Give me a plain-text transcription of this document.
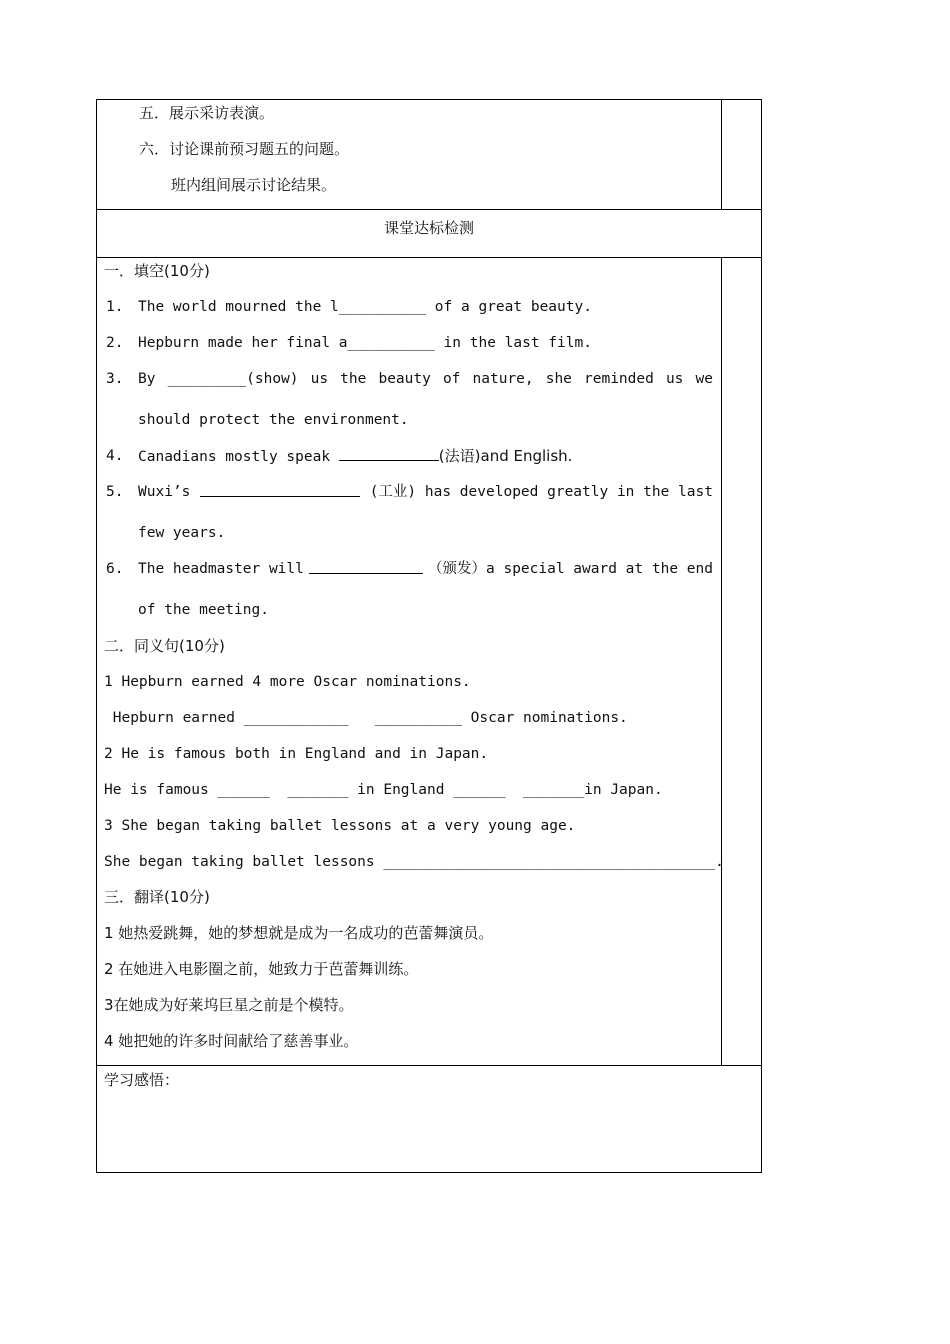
五．展示采访表演。
六．讨论课前预习题五的问题。
班内组间展示讨论结果。
课堂达标检测
一．填空(10分)
1. The world mourned the l__________ of a great beauty.
2. Hepburn made her final a__________ in the last film.
3. By _________(show) us the beauty of nature, she reminded us we
should protect the environment.
4. Canadians mostly speak	(法语)and English.
5. Wuxi’s	(工业) has developed greatly in the last
few years.
6. The headmaster will	（颁发）a special award at the end
of the meeting.
二．同义句(10分)
1 Hepburn earned 4 more Oscar nominations.
Hepburn earned ____________   __________ Oscar nominations.
2 He is famous both in England and in Japan.
He is famous ______  _______ in England ______  _______in Japan.
3 She began taking ballet lessons at a very young age.
She began taking ballet lessons ______________________________________.
三．翻译(10分)
1 她热爱跳舞，她的梦想就是成为一名成功的芭蕾舞演员。
2 在她进入电影圈之前，她致力于芭蕾舞训练。
3在她成为好莱坞巨星之前是个模特。
4 她把她的许多时间献给了慈善事业。
学习感悟：
